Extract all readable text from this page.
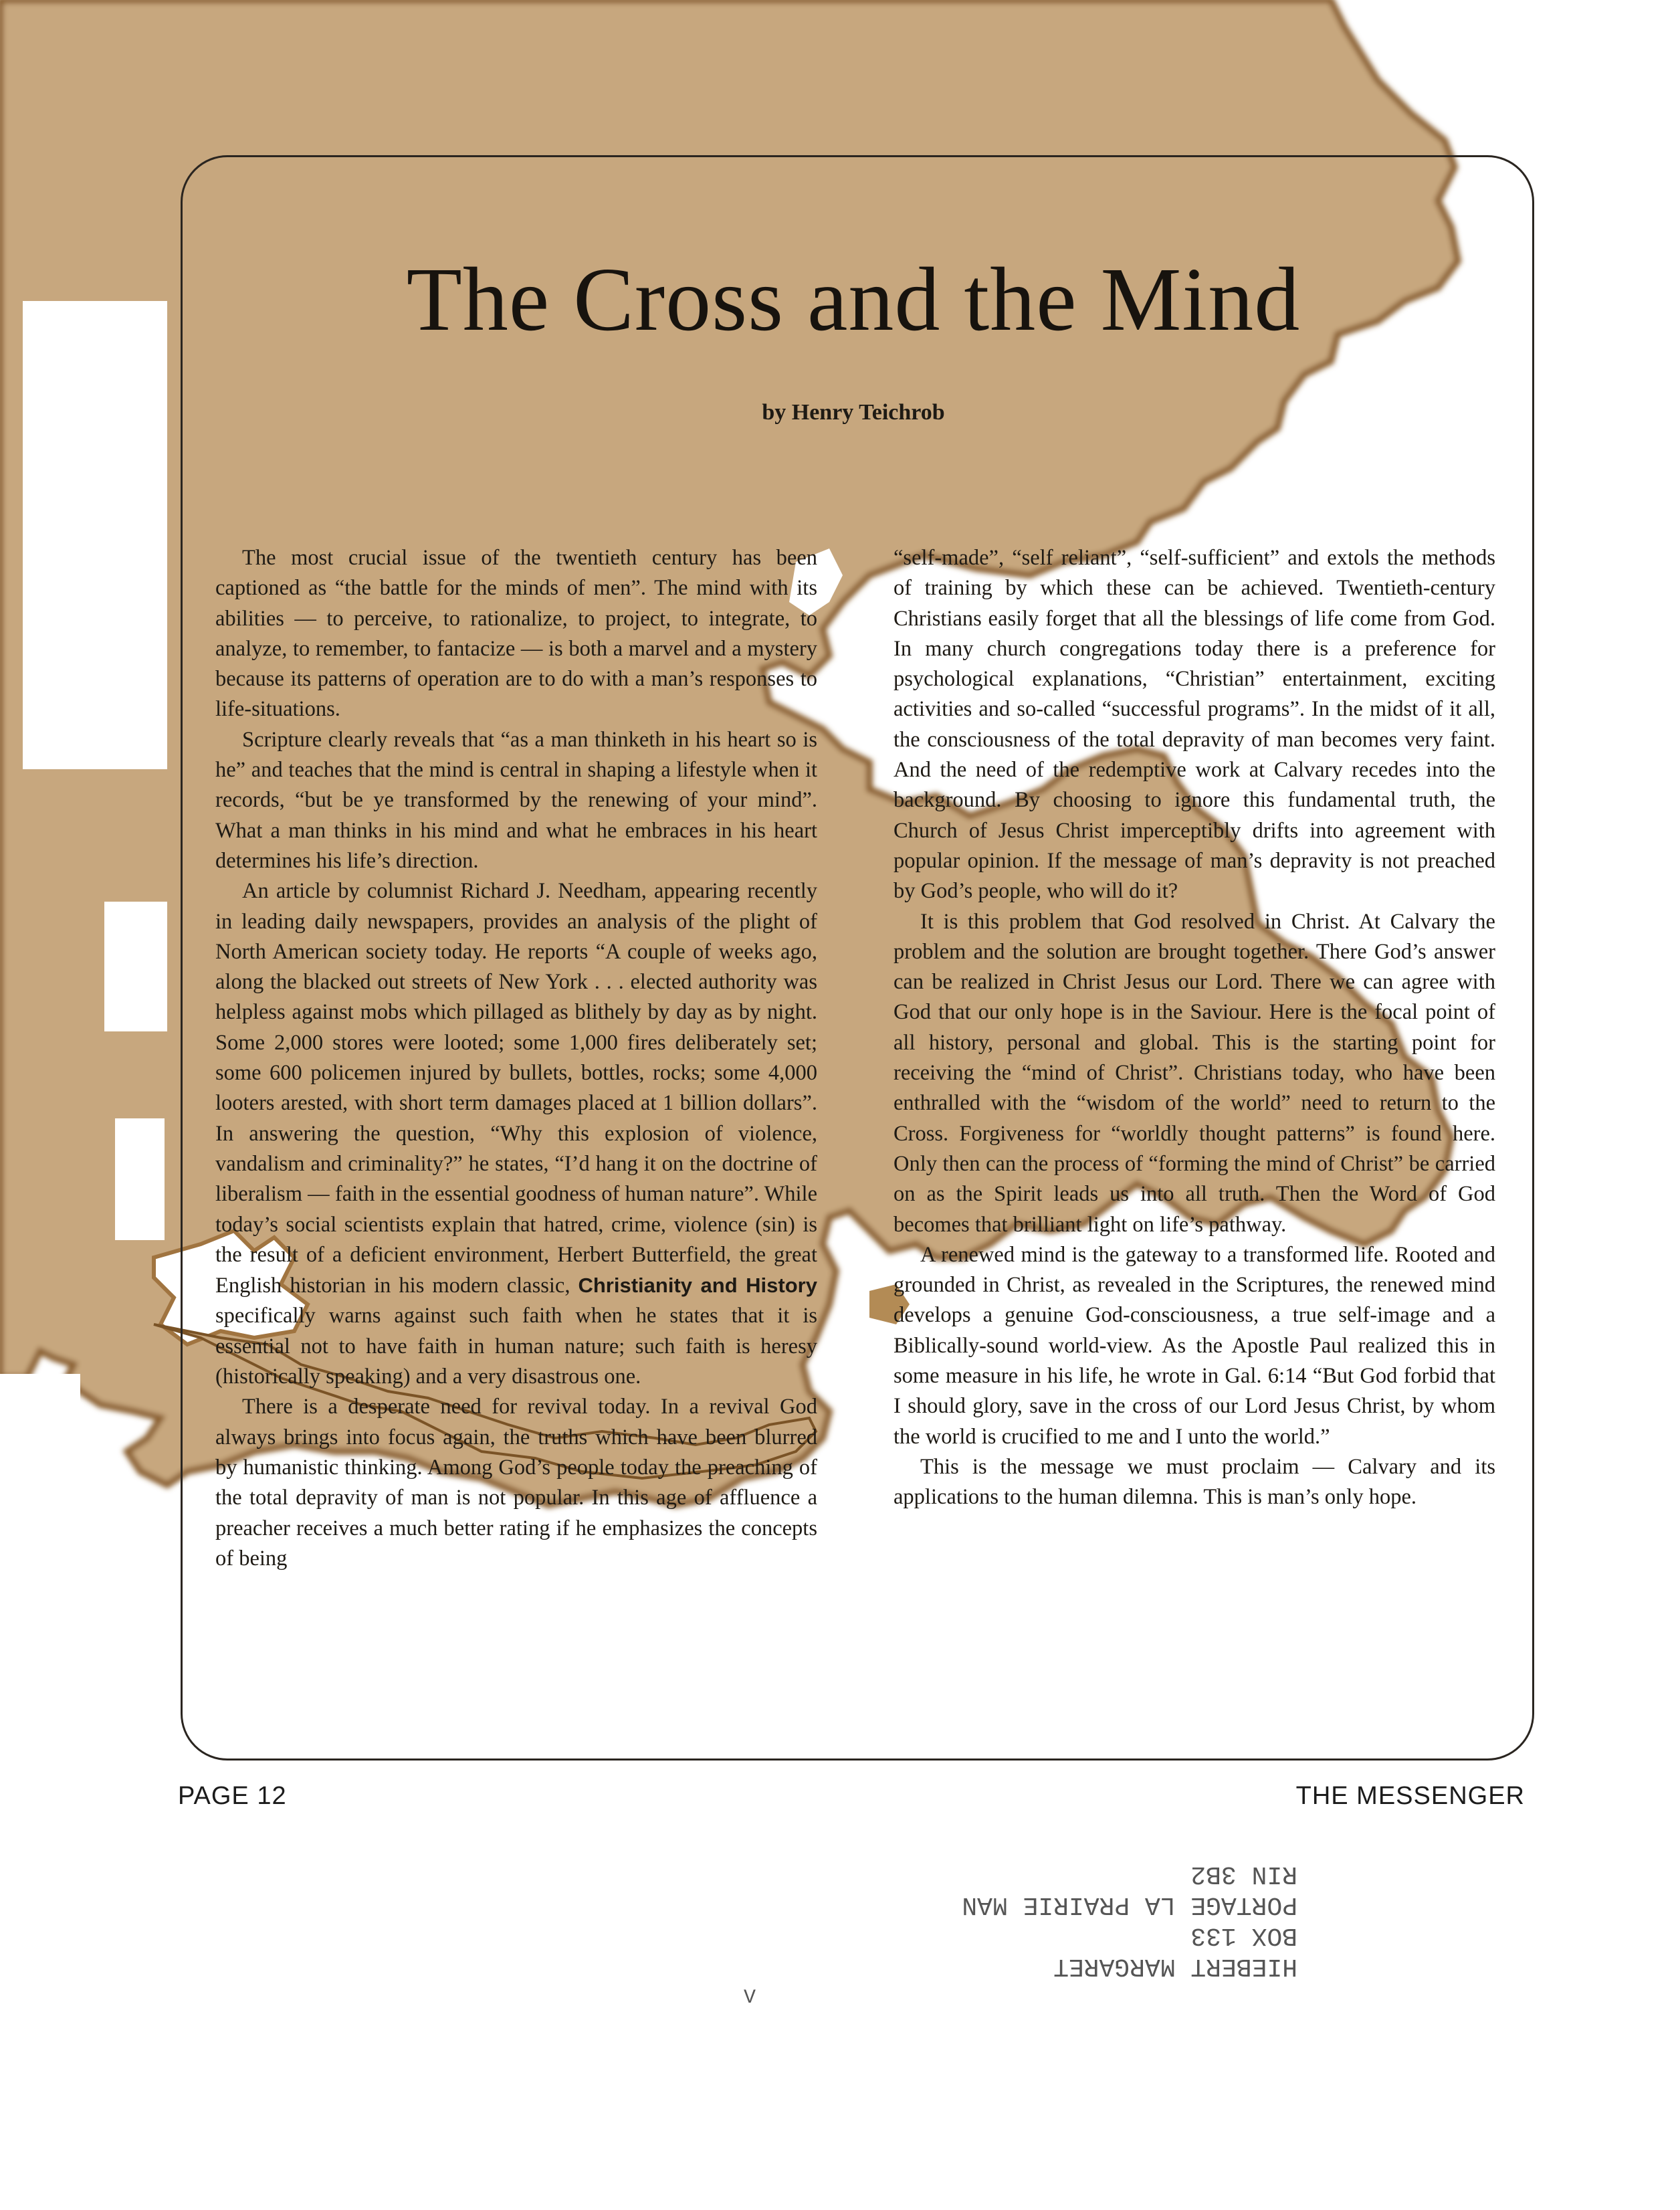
The Cross and the Mind
by Henry Teichrob

The most crucial issue of the twentieth century has been captioned as “the battle for the minds of men”. The mind with its abilities — to perceive, to rationalize, to project, to integrate, to analyze, to remember, to fantacize — is both a marvel and a mystery because its patterns of operation are to do with a man’s responses to life-situations.

Scripture clearly reveals that “as a man thinketh in his heart so is he” and teaches that the mind is central in shaping a lifestyle when it records, “but be ye transformed by the renewing of your mind”. What a man thinks in his mind and what he embraces in his heart determines his life’s direction.

An article by columnist Richard J. Needham, appearing recently in leading daily newspapers, provides an analysis of the plight of North American society today. He reports “A couple of weeks ago, along the blacked out streets of New York . . . elected authority was helpless against mobs which pillaged as blithely by day as by night. Some 2,000 stores were looted; some 1,000 fires deliberately set; some 600 policemen injured by bullets, bottles, rocks; some 4,000 looters arested, with short term damages placed at 1 billion dollars”. In answering the question, “Why this explosion of violence, vandalism and criminality?” he states, “I’d hang it on the doctrine of liberalism — faith in the essential goodness of human nature”. While today’s social scientists explain that hatred, crime, violence (sin) is the result of a deficient environment, Herbert Butterfield, the great English historian in his modern classic, Christianity and History specifically warns against such faith when he states that it is essential not to have faith in human nature; such faith is heresy (historically speaking) and a very disastrous one.

There is a desperate need for revival today. In a revival God always brings into focus again, the truths which have been blurred by humanistic thinking. Among God’s people today the preaching of the total depravity of man is not popular. In this age of affluence a preacher receives a much better rating if he emphasizes the concepts of being

“self-made”, “self reliant”, “self-sufficient” and extols the methods of training by which these can be achieved. Twentieth-century Christians easily forget that all the blessings of life come from God. In many church congregations today there is a preference for psychological explanations, “Christian” entertainment, exciting activities and so-called “successful programs”. In the midst of it all, the consciousness of the total depravity of man becomes very faint. And the need of the redemptive work at Calvary recedes into the background. By choosing to ignore this fundamental truth, the Church of Jesus Christ imperceptibly drifts into agreement with popular opinion. If the message of man’s depravity is not preached by God’s people, who will do it?

It is this problem that God resolved in Christ. At Calvary the problem and the solution are brought together. There God’s answer can be realized in Christ Jesus our Lord. There we can agree with God that our only hope is in the Saviour. Here is the focal point of all history, personal and global. This is the starting point for receiving the “mind of Christ”. Christians today, who have been enthralled with the “wisdom of the world” need to return to the Cross. Forgiveness for “worldly thought patterns” is found here. Only then can the process of “forming the mind of Christ” be carried on as the Spirit leads us into all truth. Then the Word of God becomes that brilliant light on life’s pathway.

A renewed mind is the gateway to a transformed life. Rooted and grounded in Christ, as revealed in the Scriptures, the renewed mind develops a genuine God-consciousness, a true self-image and a Biblically-sound world-view. As the Apostle Paul realized this in some measure in his life, he wrote in Gal. 6:14 “But God forbid that I should glory, save in the cross of our Lord Jesus Christ, by whom the world is crucified to me and I unto the world.”

This is the message we must proclaim — Calvary and its applications to the human dilemna. This is man’s only hope.

PAGE 12	THE MESSENGER
HIEBERT MARGARET
BOX 133
PORTAGE LA PRAIRIE MAN
RIN 3B2
V
